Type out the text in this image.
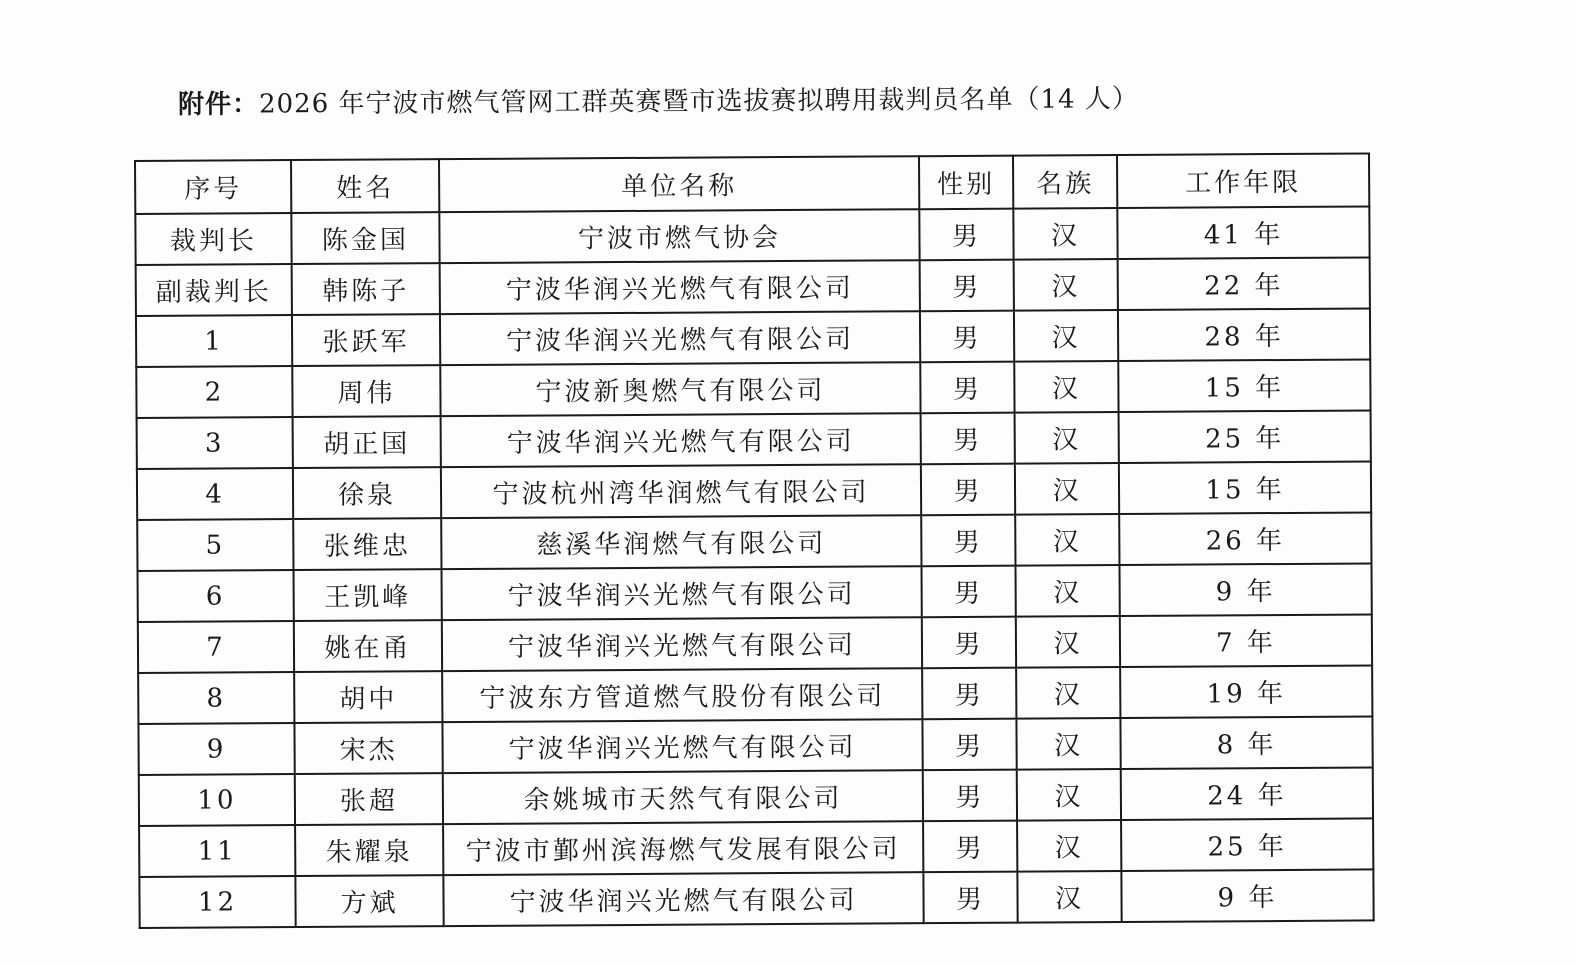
附件：2026 年宁波市燃气管网工群英赛暨市选拔赛拟聘用裁判员名单（14 人）
序号	姓名	单位名称	性别	名族	工作年限
裁判长	陈金国	宁波市燃气协会	男	汉	41 年
副裁判长	韩陈子	宁波华润兴光燃气有限公司	男	汉	22 年
1	张跃军	宁波华润兴光燃气有限公司	男	汉	28 年
2	周伟	宁波新奥燃气有限公司	男	汉	15 年
3	胡正国	宁波华润兴光燃气有限公司	男	汉	25 年
4	徐泉	宁波杭州湾华润燃气有限公司	男	汉	15 年
5	张维忠	慈溪华润燃气有限公司	男	汉	26 年
6	王凯峰	宁波华润兴光燃气有限公司	男	汉	9 年
7	姚在甬	宁波华润兴光燃气有限公司	男	汉	7 年
8	胡中	宁波东方管道燃气股份有限公司	男	汉	19 年
9	宋杰	宁波华润兴光燃气有限公司	男	汉	8 年
10	张超	余姚城市天然气有限公司	男	汉	24 年
11	朱耀泉	宁波市鄞州滨海燃气发展有限公司	男	汉	25 年
12	方斌	宁波华润兴光燃气有限公司	男	汉	9 年
